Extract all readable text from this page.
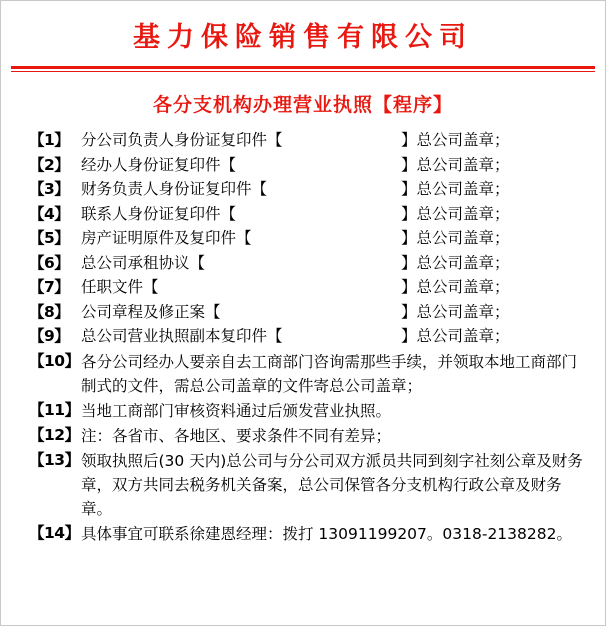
基力保险销售有限公司
各分支机构办理营业执照【程序】
【1】 分公司负责人身份证复印件【	】总公司盖章；
【2】 经办人身份证复印件【	】总公司盖章；
【3】 财务负责人身份证复印件【	】总公司盖章；
【4】 联系人身份证复印件【	】总公司盖章；
【5】 房产证明原件及复印件【	】总公司盖章；
【6】 总公司承租协议【	】总公司盖章；
【7】 任职文件【	】总公司盖章；
【8】 公司章程及修正案【	】总公司盖章；
【9】 总公司营业执照副本复印件【	】总公司盖章；
【10】 各分公司经办人要亲自去工商部门咨询需那些手续，并领取本地工商部门制式的文件，需总公司盖章的文件寄总公司盖章；
【11】 当地工商部门审核资料通过后颁发营业执照。
【12】 注：各省市、各地区、要求条件不同有差异；
【13】 领取执照后(30 天内)总公司与分公司双方派员共同到刻字社刻公章及财务章，双方共同去税务机关备案，总公司保管各分支机构行政公章及财务章。
【14】 具体事宜可联系徐建恩经理：拨打 13091199207。0318-2138282。
